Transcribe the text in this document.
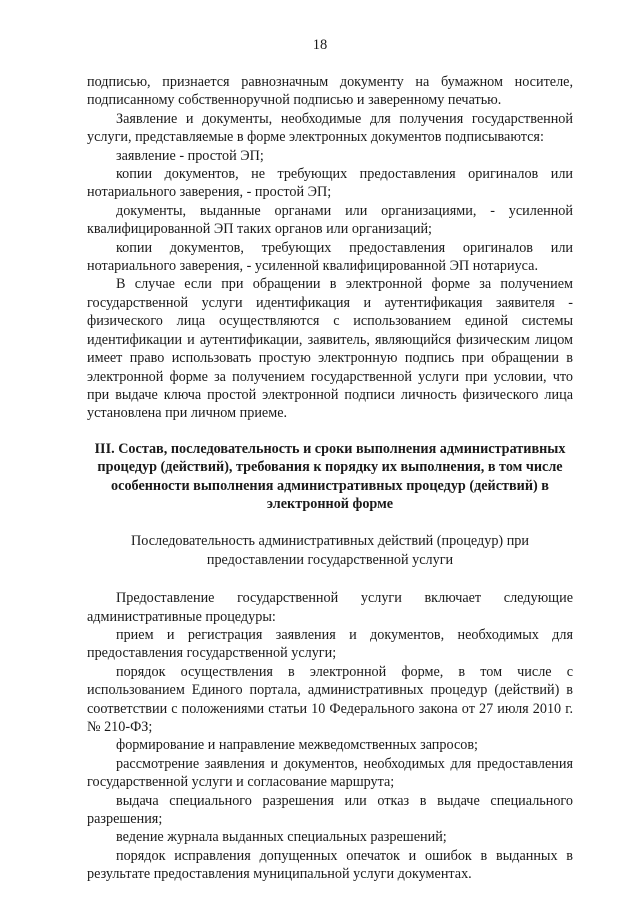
18

подписью, признается равнозначным документу на бумажном носителе, подписанному собственноручной подписью и заверенному печатью.

Заявление и документы, необходимые для получения государственной услуги, представляемые в форме электронных документов подписываются:

заявление - простой ЭП;

копии документов, не требующих предоставления оригиналов или нотариального заверения, - простой ЭП;

документы, выданные органами или организациями, - усиленной квалифицированной ЭП таких органов или организаций;

копии документов, требующих предоставления оригиналов или нотариального заверения, - усиленной квалифицированной ЭП нотариуса.

В случае если при обращении в электронной форме за получением государственной услуги идентификация и аутентификация заявителя - физического лица осуществляются с использованием единой системы идентификации и аутентификации, заявитель, являющийся физическим лицом имеет право использовать простую электронную подпись при обращении в электронной форме за получением государственной услуги при условии, что при выдаче ключа простой электронной подписи личность физического лица установлена при личном приеме.

III. Состав, последовательность и сроки выполнения административных процедур (действий), требования к порядку их выполнения, в том числе особенности выполнения административных процедур (действий) в электронной форме

Последовательность административных действий (процедур) при предоставлении государственной услуги

Предоставление государственной услуги включает следующие административные процедуры:

прием и регистрация заявления и документов, необходимых для предоставления государственной услуги;

порядок осуществления в электронной форме, в том числе с использованием Единого портала, административных процедур (действий) в соответствии с положениями статьи 10 Федерального закона от 27 июля 2010 г. № 210-ФЗ;

формирование и направление межведомственных запросов;

рассмотрение заявления и документов, необходимых для предоставления государственной услуги и согласование маршрута;

выдача специального разрешения или отказ в выдаче специального разрешения;

ведение журнала выданных специальных разрешений;

порядок исправления допущенных опечаток и ошибок в выданных в результате предоставления муниципальной услуги документах.
